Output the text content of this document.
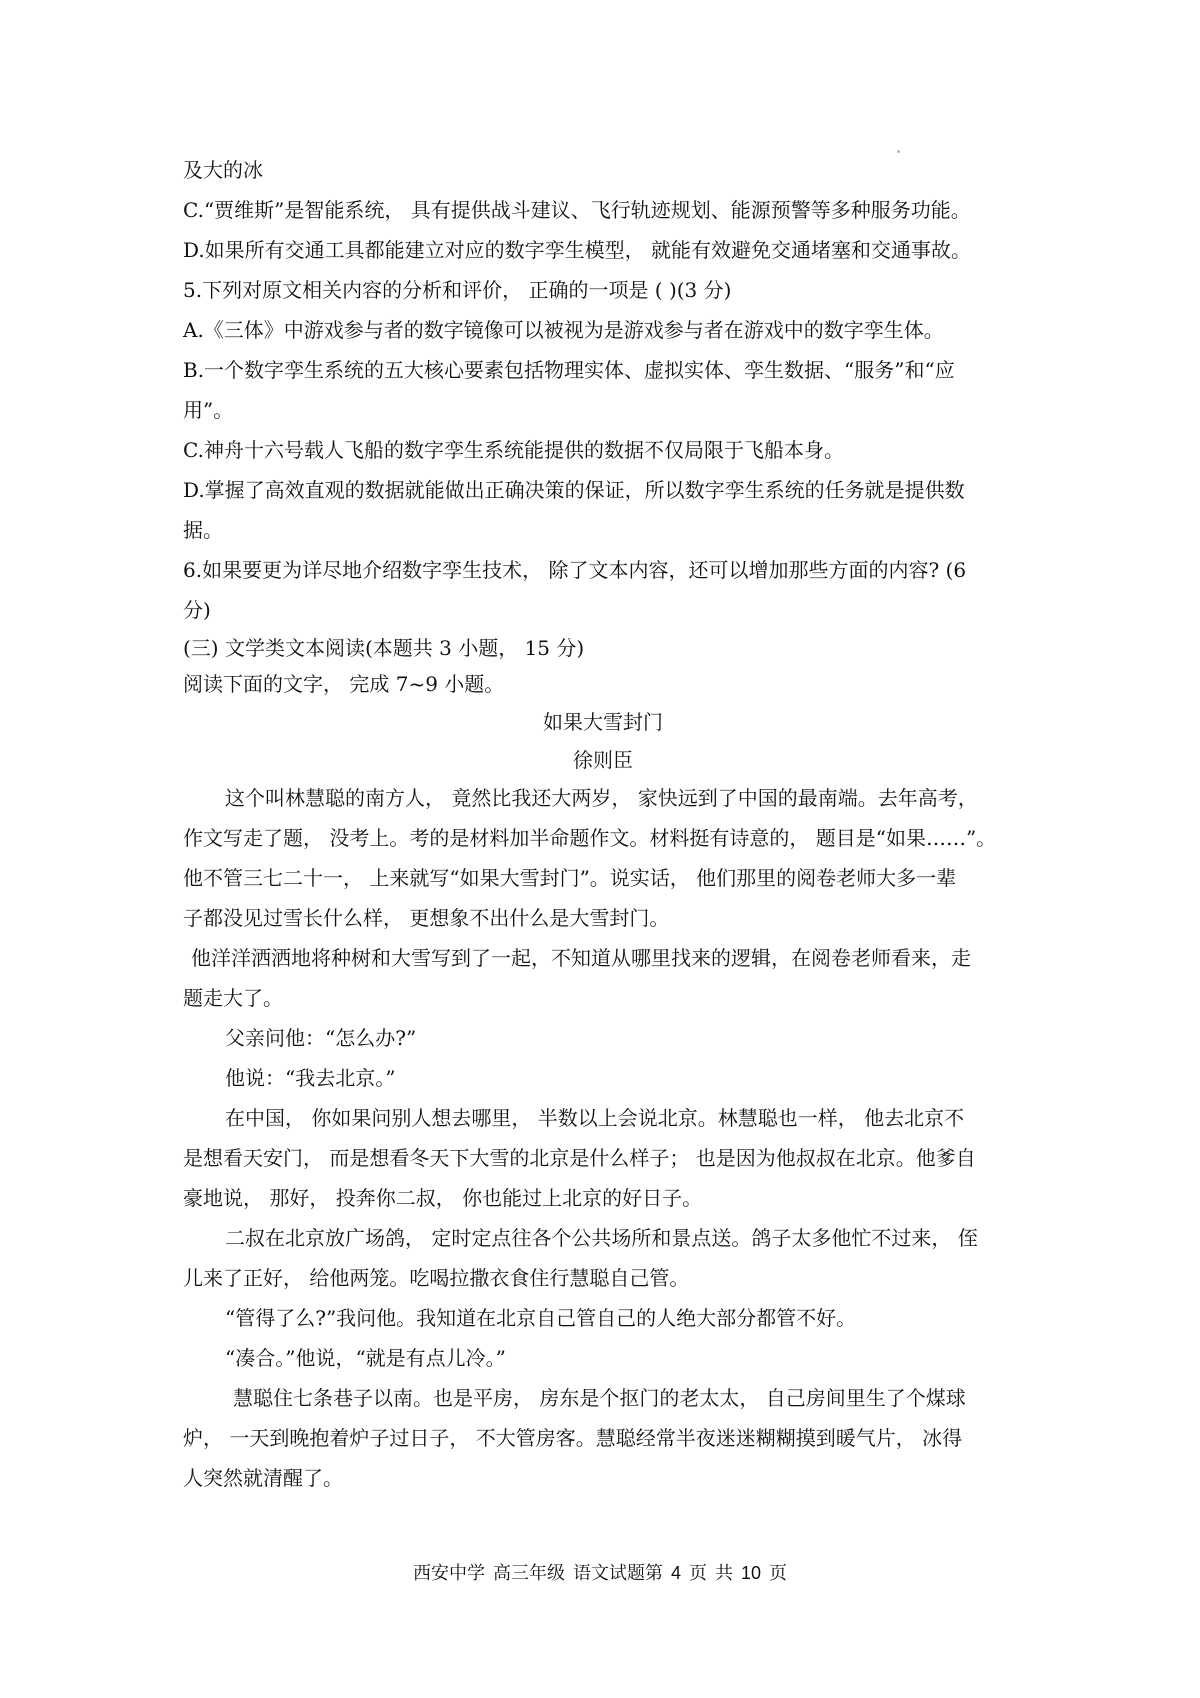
及大的冰
C.“贾维斯”是智能系统， 具有提供战斗建议、飞行轨迹规划、能源预警等多种服务功能。
D.如果所有交通工具都能建立对应的数字孪生模型， 就能有效避免交通堵塞和交通事故。
5.下列对原文相关内容的分析和评价， 正确的一项是 ( )(3 分)
A.《三体》中游戏参与者的数字镜像可以被视为是游戏参与者在游戏中的数字孪生体。
B.一个数字孪生系统的五大核心要素包括物理实体、虚拟实体、孪生数据、“服务”和“应
用”。
C.神舟十六号载人飞船的数字孪生系统能提供的数据不仅局限于飞船本身。
D.掌握了高效直观的数据就能做出正确决策的保证，所以数字孪生系统的任务就是提供数
据。
6.如果要更为详尽地介绍数字孪生技术， 除了文本内容，还可以增加那些方面的内容? (6
分)
(三) 文学类文本阅读(本题共 3 小题， 15 分)
阅读下面的文字， 完成 7~9 小题。
如果大雪封门
徐则臣
这个叫林慧聪的南方人， 竟然比我还大两岁， 家快远到了中国的最南端。去年高考，
作文写走了题， 没考上。考的是材料加半命题作文。材料挺有诗意的， 题目是“如果……”。
他不管三七二十一， 上来就写“如果大雪封门”。说实话， 他们那里的阅卷老师大多一辈
子都没见过雪长什么样， 更想象不出什么是大雪封门。
他洋洋洒洒地将种树和大雪写到了一起，不知道从哪里找来的逻辑，在阅卷老师看来，走
题走大了。
父亲问他：“怎么办?”
他说：“我去北京。”
在中国， 你如果问别人想去哪里， 半数以上会说北京。林慧聪也一样， 他去北京不
是想看天安门， 而是想看冬天下大雪的北京是什么样子； 也是因为他叔叔在北京。他爹自
豪地说， 那好， 投奔你二叔， 你也能过上北京的好日子。
二叔在北京放广场鸽， 定时定点往各个公共场所和景点送。鸽子太多他忙不过来， 侄
儿来了正好， 给他两笼。吃喝拉撒衣食住行慧聪自己管。
“管得了么?”我问他。我知道在北京自己管自己的人绝大部分都管不好。
“凑合。”他说，“就是有点儿冷。”
慧聪住七条巷子以南。也是平房， 房东是个抠门的老太太， 自己房间里生了个煤球
炉， 一天到晚抱着炉子过日子， 不大管房客。慧聪经常半夜迷迷糊糊摸到暖气片， 冰得
人突然就清醒了。
西安中学 高三年级 语文试题第 4 页 共 10 页
